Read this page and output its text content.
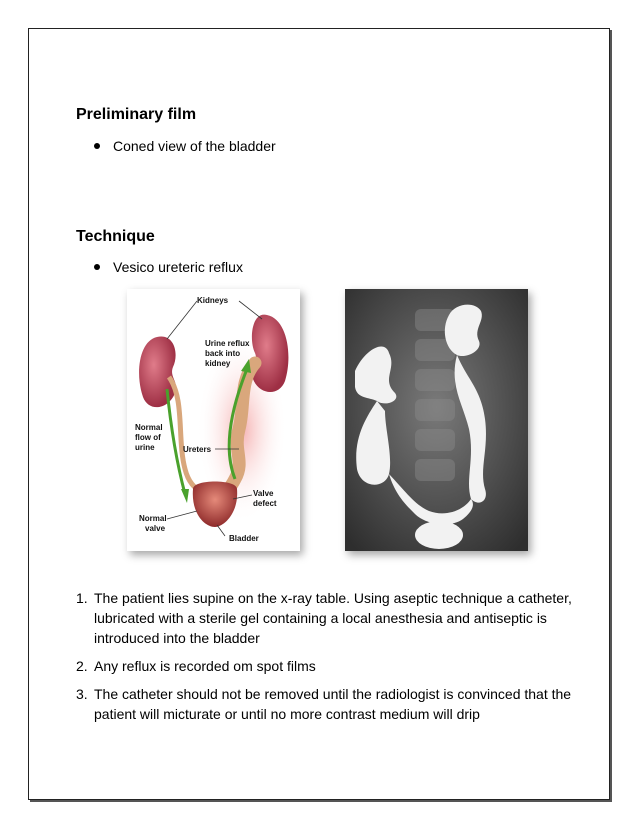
Preliminary film
Coned view of the bladder
Technique
Vesico ureteric reflux
Kidneys
Urine reflux
back into
kidney
Normal
flow of
urine	Ureters
Valve
defect
Normal
valve
Bladder
1. The patient lies supine on the x-ray table. Using aseptic technique a catheter, lubricated with a sterile gel containing a local anesthesia and antiseptic is introduced into the bladder
2. Any reflux is recorded om spot films
3. The catheter should not be removed until the radiologist is convinced that the patient will micturate or until no more contrast medium will drip
